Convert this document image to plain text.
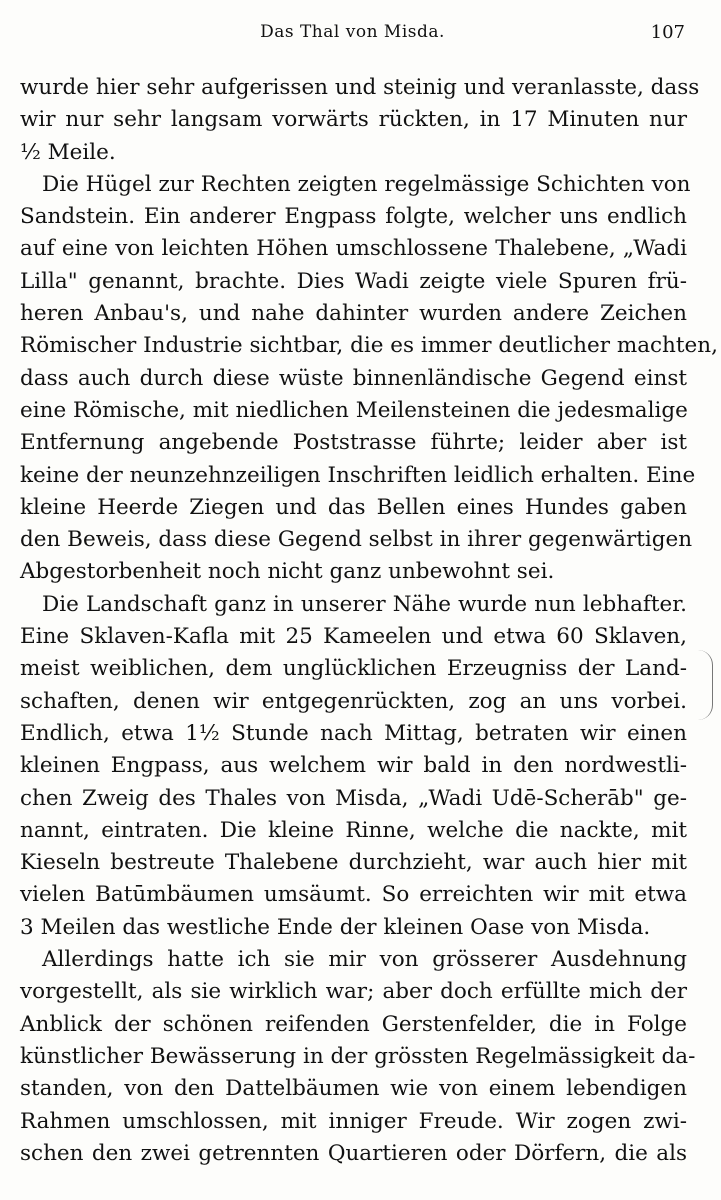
Das Thal von Misda.	107
wurde hier sehr aufgerissen und steinig und veranlasste, dass
wir nur sehr langsam vorwärts rückten, in 17 Minuten nur
½ Meile.
Die Hügel zur Rechten zeigten regelmässige Schichten von
Sandstein. Ein anderer Engpass folgte, welcher uns endlich
auf eine von leichten Höhen umschlossene Thalebene, „Wadi
Lilla" genannt, brachte. Dies Wadi zeigte viele Spuren frü-
heren Anbau's, und nahe dahinter wurden andere Zeichen
Römischer Industrie sichtbar, die es immer deutlicher machten,
dass auch durch diese wüste binnenländische Gegend einst
eine Römische, mit niedlichen Meilensteinen die jedesmalige
Entfernung angebende Poststrasse führte; leider aber ist
keine der neunzehnzeiligen Inschriften leidlich erhalten. Eine
kleine Heerde Ziegen und das Bellen eines Hundes gaben
den Beweis, dass diese Gegend selbst in ihrer gegenwärtigen
Abgestorbenheit noch nicht ganz unbewohnt sei.
Die Landschaft ganz in unserer Nähe wurde nun lebhafter.
Eine Sklaven-Kafla mit 25 Kameelen und etwa 60 Sklaven,
meist weiblichen, dem unglücklichen Erzeugniss der Land-
schaften, denen wir entgegenrückten, zog an uns vorbei.
Endlich, etwa 1½ Stunde nach Mittag, betraten wir einen
kleinen Engpass, aus welchem wir bald in den nordwestli-
chen Zweig des Thales von Misda, „Wadi Udē-Scherāb" ge-
nannt, eintraten. Die kleine Rinne, welche die nackte, mit
Kieseln bestreute Thalebene durchzieht, war auch hier mit
vielen Batūmbäumen umsäumt. So erreichten wir mit etwa
3 Meilen das westliche Ende der kleinen Oase von Misda.
Allerdings hatte ich sie mir von grösserer Ausdehnung
vorgestellt, als sie wirklich war; aber doch erfüllte mich der
Anblick der schönen reifenden Gerstenfelder, die in Folge
künstlicher Bewässerung in der grössten Regelmässigkeit da-
standen, von den Dattelbäumen wie von einem lebendigen
Rahmen umschlossen, mit inniger Freude. Wir zogen zwi-
schen den zwei getrennten Quartieren oder Dörfern, die als
